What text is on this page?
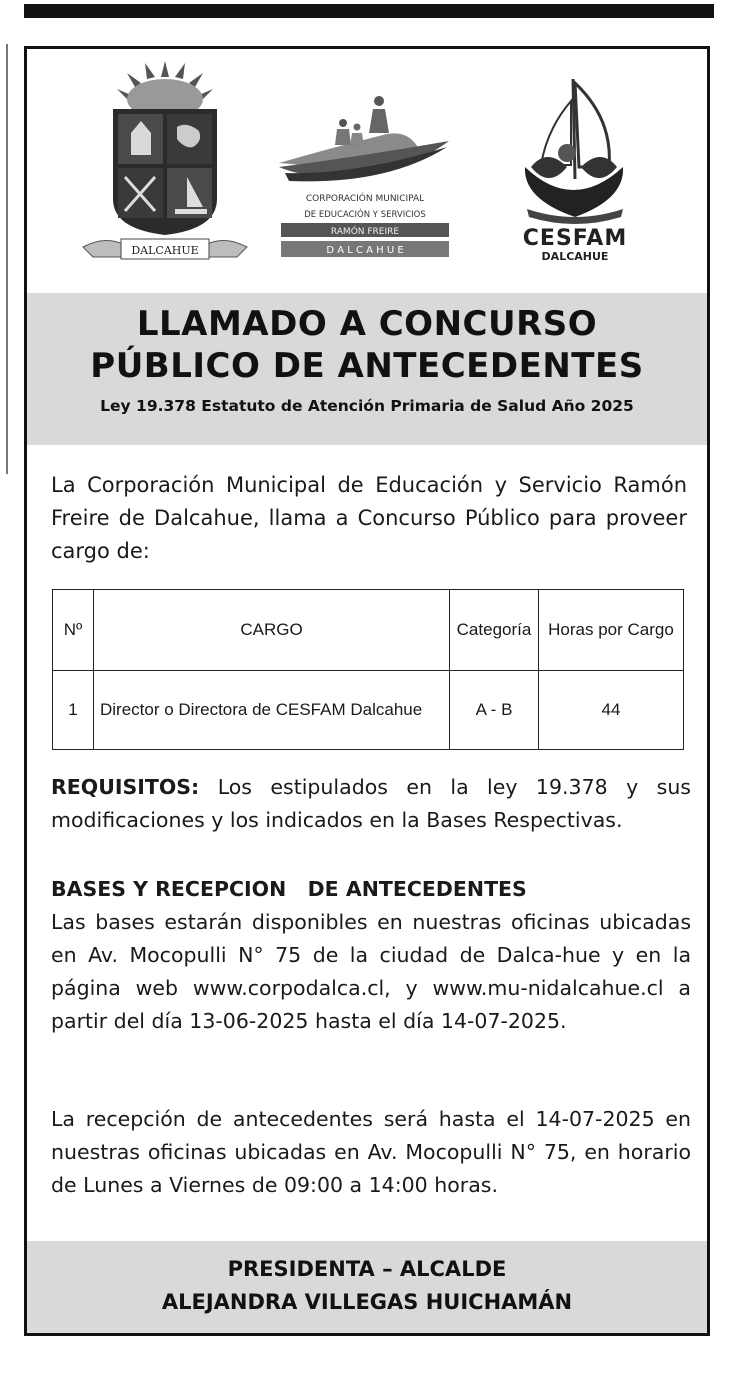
DALCAHUE
CORPORACIÓN MUNICIPAL
DE EDUCACIÓN Y SERVICIOS
RAMÓN FREIRE
D A L C A H U E	CESFAM
DALCAHUE
LLAMADO A CONCURSO
PÚBLICO DE ANTECEDENTES
Ley 19.378 Estatuto de Atención Primaria de Salud Año 2025
La Corporación Municipal de Educación y Servicio Ramón Freire de Dalcahue, llama a Concurso Público para proveer cargo de:
Nº	CARGO	Categoría	Horas por Cargo
1	Director o Directora de CESFAM Dalcahue	A - B	44
REQUISITOS: Los estipulados en la ley 19.378 y sus modificaciones y los indicados en la Bases Respectivas.
BASES Y RECEPCION   DE ANTECEDENTES
Las bases estarán disponibles en nuestras oficinas ubicadas en Av. Mocopulli N° 75 de la ciudad de Dalca-hue y en la página web www.corpodalca.cl, y www.mu-nidalcahue.cl a partir del día 13-06-2025 hasta el día 14-07-2025.
La recepción de antecedentes será hasta el 14-07-2025 en nuestras oficinas ubicadas en Av. Mocopulli N° 75, en horario de Lunes a Viernes de 09:00 a 14:00 horas.
PRESIDENTA – ALCALDE
ALEJANDRA VILLEGAS HUICHAMÁN
